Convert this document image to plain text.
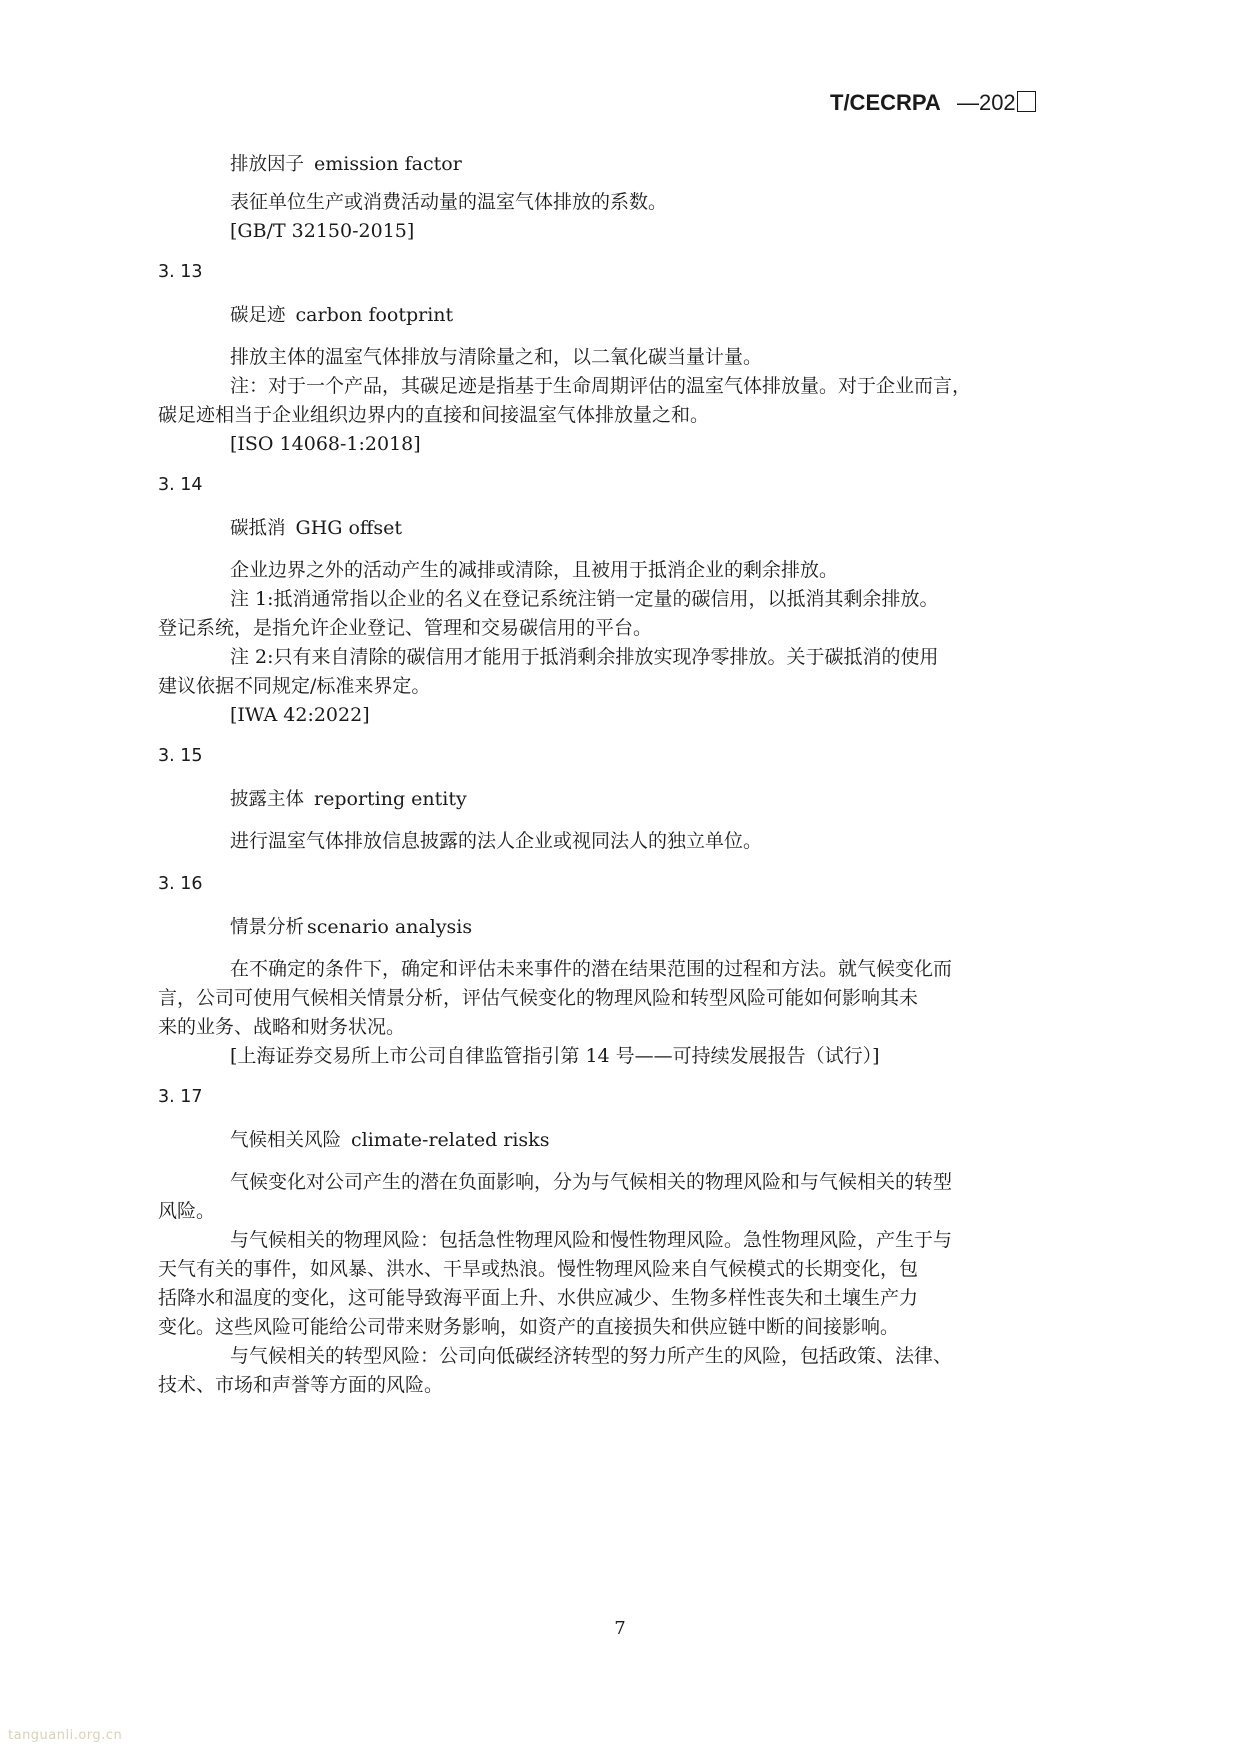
T/CECRPA —202

排放因子 emission factor

表征单位生产或消费活动量的温室气体排放的系数。

[GB/T 32150-2015]

3. 13

碳足迹 carbon footprint

排放主体的温室气体排放与清除量之和，以二氧化碳当量计量。

注：对于一个产品，其碳足迹是指基于生命周期评估的温室气体排放量。对于企业而言，

碳足迹相当于企业组织边界内的直接和间接温室气体排放量之和。

[ISO 14068-1:2018]

3. 14

碳抵消 GHG offset

企业边界之外的活动产生的减排或清除，且被用于抵消企业的剩余排放。

注 1:抵消通常指以企业的名义在登记系统注销一定量的碳信用，以抵消其剩余排放。

登记系统，是指允许企业登记、管理和交易碳信用的平台。

注 2:只有来自清除的碳信用才能用于抵消剩余排放实现净零排放。关于碳抵消的使用

建议依据不同规定/标准来界定。

[IWA 42:2022]

3. 15

披露主体 reporting entity

进行温室气体排放信息披露的法人企业或视同法人的独立单位。

3. 16

情景分析 scenario analysis

在不确定的条件下，确定和评估未来事件的潜在结果范围的过程和方法。就气候变化而

言，公司可使用气候相关情景分析，评估气候变化的物理风险和转型风险可能如何影响其未

来的业务、战略和财务状况。

[上海证券交易所上市公司自律监管指引第 14 号——可持续发展报告（试行）]

3. 17

气候相关风险 climate-related risks

气候变化对公司产生的潜在负面影响，分为与气候相关的物理风险和与气候相关的转型

风险。

与气候相关的物理风险：包括急性物理风险和慢性物理风险。急性物理风险，产生于与

天气有关的事件，如风暴、洪水、干旱或热浪。慢性物理风险来自气候模式的长期变化，包

括降水和温度的变化，这可能导致海平面上升、水供应减少、生物多样性丧失和土壤生产力

变化。这些风险可能给公司带来财务影响，如资产的直接损失和供应链中断的间接影响。

与气候相关的转型风险：公司向低碳经济转型的努力所产生的风险，包括政策、法律、

技术、市场和声誉等方面的风险。

7
tanguanli.org.cn
